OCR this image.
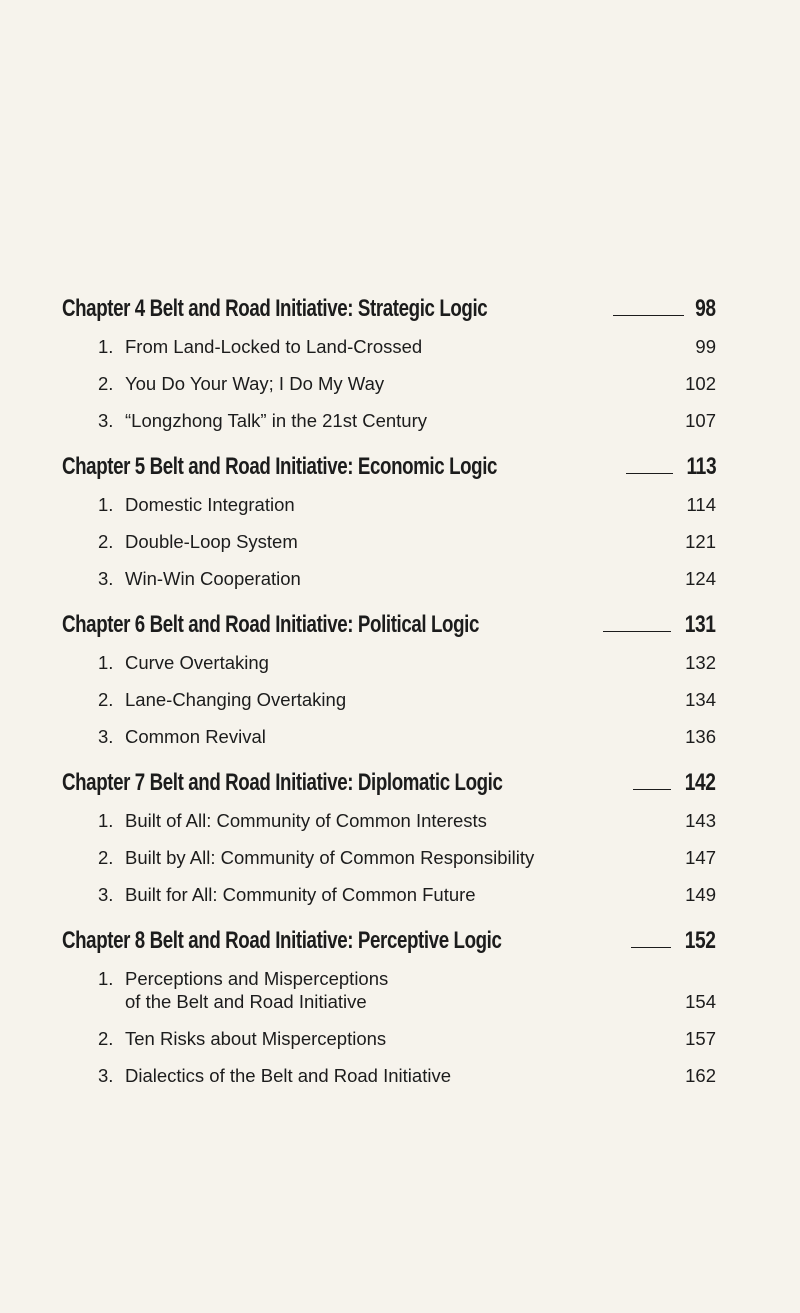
Chapter 4 Belt and Road Initiative: Strategic Logic	98
1. From Land-Locked to Land-Crossed	99
2. You Do Your Way; I Do My Way	102
3. “Longzhong Talk” in the 21st Century	107
Chapter 5 Belt and Road Initiative: Economic Logic	113
1. Domestic Integration	114
2. Double-Loop System	121
3. Win-Win Cooperation	124
Chapter 6 Belt and Road Initiative: Political Logic	131
1. Curve Overtaking	132
2. Lane-Changing Overtaking	134
3. Common Revival	136
Chapter 7 Belt and Road Initiative: Diplomatic Logic	142
1. Built of All: Community of Common Interests	143
2. Built by All: Community of Common Responsibility	147
3. Built for All: Community of Common Future	149
Chapter 8 Belt and Road Initiative: Perceptive Logic	152
1. Perceptions and Misperceptions
of the Belt and Road Initiative	154
2. Ten Risks about Misperceptions	157
3. Dialectics of the Belt and Road Initiative	162
